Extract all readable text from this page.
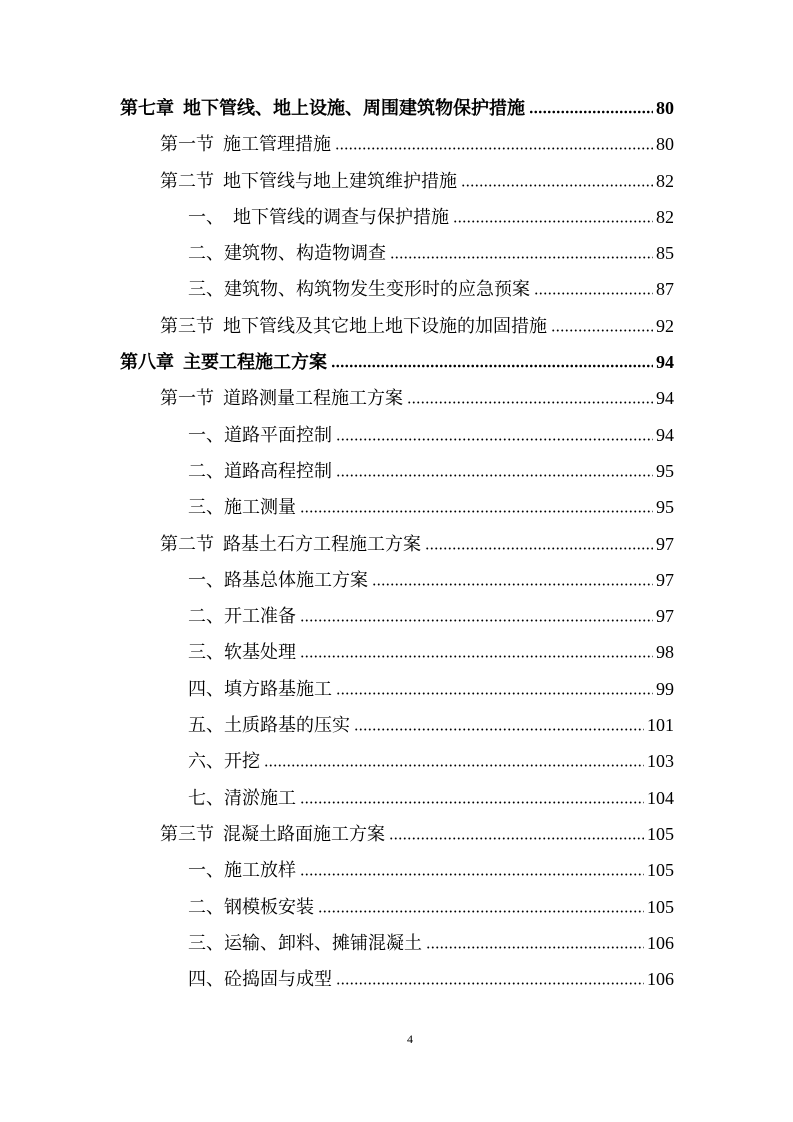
第七章  地下管线、地上设施、周围建筑物保护措施	80
第一节  施工管理措施	80
第二节  地下管线与地上建筑维护措施	82
一、  地下管线的调查与保护措施	82
二、建筑物、构造物调查	85
三、建筑物、构筑物发生变形时的应急预案	87
第三节  地下管线及其它地上地下设施的加固措施	92
第八章  主要工程施工方案	94
第一节  道路测量工程施工方案	94
一、道路平面控制	94
二、道路高程控制	95
三、施工测量	95
第二节  路基土石方工程施工方案	97
一、路基总体施工方案	97
二、开工准备	97
三、软基处理	98
四、填方路基施工	99
五、土质路基的压实	101
六、开挖	103
七、清淤施工	104
第三节  混凝土路面施工方案	105
一、施工放样	105
二、钢模板安装	105
三、运输、卸料、摊铺混凝土	106
四、砼捣固与成型	106
4
